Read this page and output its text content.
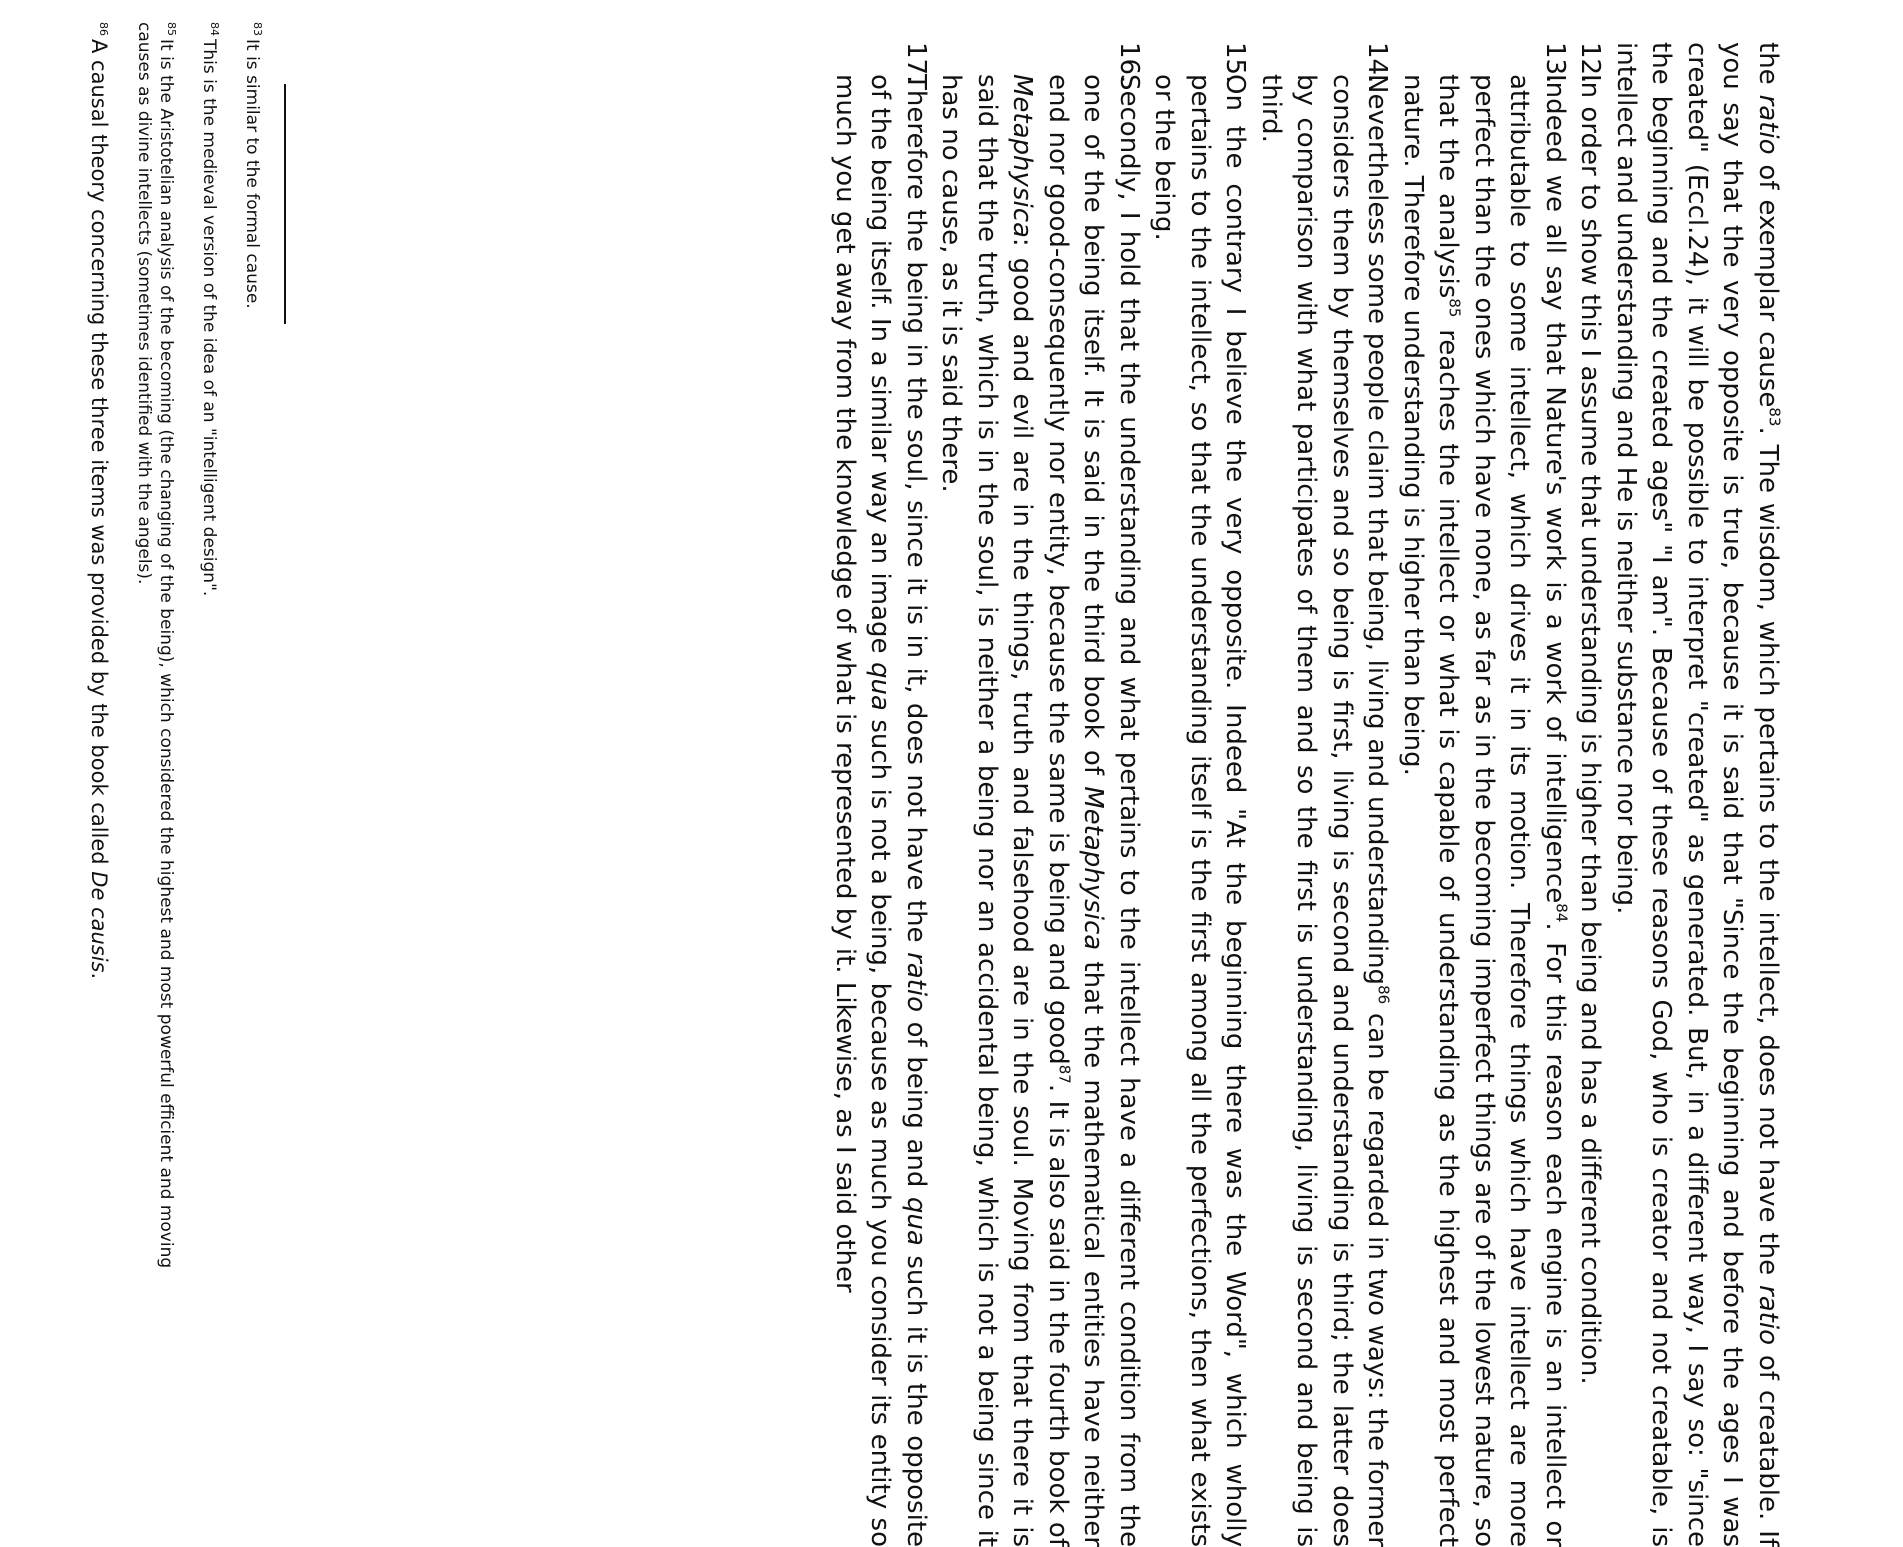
the ratio of exemplar cause$^{83}$. The wisdom, which pertains to the intellect, does not have the ratio of creatable. If you say that the very opposite is true, because it is said that "Since the beginning and before the ages I was created" (Eccl.24), it will be possible to interpret "created" as generated. But, in a different way, I say so: "since the beginning and the created ages" "I am". Because of these reasons God, who is creator and not creatable, is intellect and understanding and He is neither substance nor being.

12.In order to show this I assume that understanding is higher than being and has a different condition.

13.Indeed we all say that Nature's work is a work of intelligence$^{84}$. For this reason each engine is an intellect or attributable to some intellect, which drives it in its motion. Therefore things which have intellect are more perfect than the ones which have none, as far as in the becoming imperfect things are of the lowest nature, so that the analysis$^{85}$ reaches the intellect or what is capable of understanding as the highest and most perfect nature. Therefore understanding is higher than being.

14.Nevertheless some people claim that being, living and understanding$^{86}$ can be regarded in two ways: the former considers them by themselves and so being is first, living is second and understanding is third; the latter does by comparison with what participates of them and so the first is understanding, living is second and being is third.

15.On the contrary I believe the very opposite. Indeed "At the beginning there was the Word", which wholly pertains to the intellect, so that the understanding itself is the first among all the perfections, then what exists or the being.

16.Secondly, I hold that the understanding and what pertains to the intellect have a different condition from the one of the being itself. It is said in the third book of Metaphysica that the mathematical entities have neither end nor good-consequently nor entity, because the same is being and good$^{87}$. It is also said in the fourth book of Metaphysica: good and evil are in the things, truth and falsehood are in the soul. Moving from that there it is said that the truth, which is in the soul, is neither a being nor an accidental being, which is not a being since it has no cause, as it is said there.

17.Therefore the being in the soul, since it is in it, does not have the ratio of being and qua such it is the opposite of the being itself. In a similar way an image qua such is not a being, because as much you consider its entity so much you get away from the knowledge of what is represented by it. Likewise, as I said other

$^{83}$It is similar to the formal cause.

$^{84}$This is the medieval version of the idea of an "intelligent design".

$^{85}$It is the Aristotelian analysis of the becoming (the changing of the being), which considered the highest and most powerful efficient and moving causes as divine intellects (sometimes identified with the angels).

$^{86}$A causal theory concerning these three items was provided by the book called De causis.
